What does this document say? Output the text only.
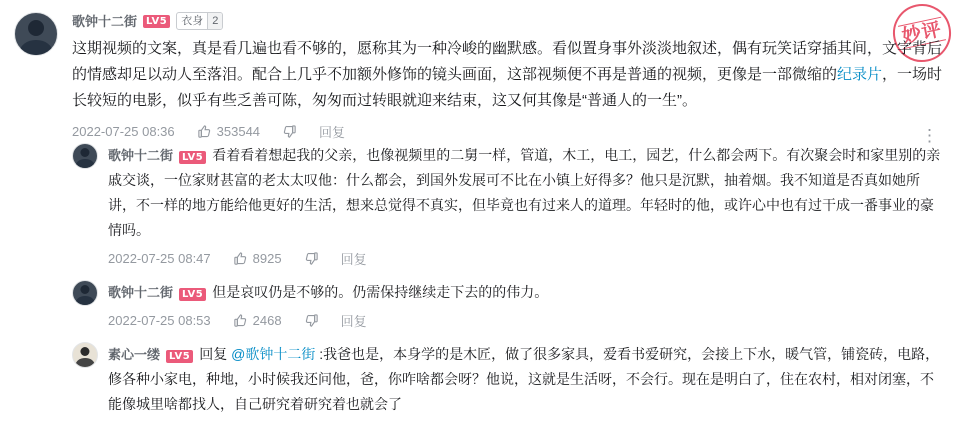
妙评
歌钟十二街 LV5	衣身 2
这期视频的文案，真是看几遍也看不够的，愿称其为一种冷峻的幽默感。看似置身事外淡淡地叙述，偶有玩笑话穿插其间，文字背后的情感却足以动人至落泪。配合上几乎不加额外修饰的镜头画面，这部视频便不再是普通的视频，更像是一部微缩的纪录片，一场时长较短的电影，似乎有些乏善可陈，匆匆而过转眼就迎来结束，这又何其像是“普通人的一生”。
2022-07-25 08:36	353544	回复	⋮
歌钟十二街 LV5 看着看着想起我的父亲，也像视频里的二舅一样，管道，木工，电工，园艺，什么都会两下。有次聚会时和家里别的亲戚交谈，一位家财甚富的老太太叹他：什么都会，到国外发展可不比在小镇上好得多？他只是沉默，抽着烟。我不知道是否真如她所讲，不一样的地方能给他更好的生活，想来总觉得不真实，但毕竟也有过来人的道理。年轻时的他，或许心中也有过干成一番事业的豪情吗。
2022-07-25 08:47	8925	回复
歌钟十二街 LV5 但是哀叹仍是不够的。仍需保持继续走下去的的伟力。
2022-07-25 08:53	2468	回复
素心一缕 LV5 回复 @歌钟十二街 :我爸也是，本身学的是木匠，做了很多家具，爱看书爱研究，会接上下水，暖气管，铺瓷砖，电路，修各种小家电，种地，小时候我还问他，爸，你咋啥都会呀？他说，这就是生活呀，不会行。现在是明白了，住在农村，相对闭塞，不能像城里啥都找人，自己研究着研究着也就会了
